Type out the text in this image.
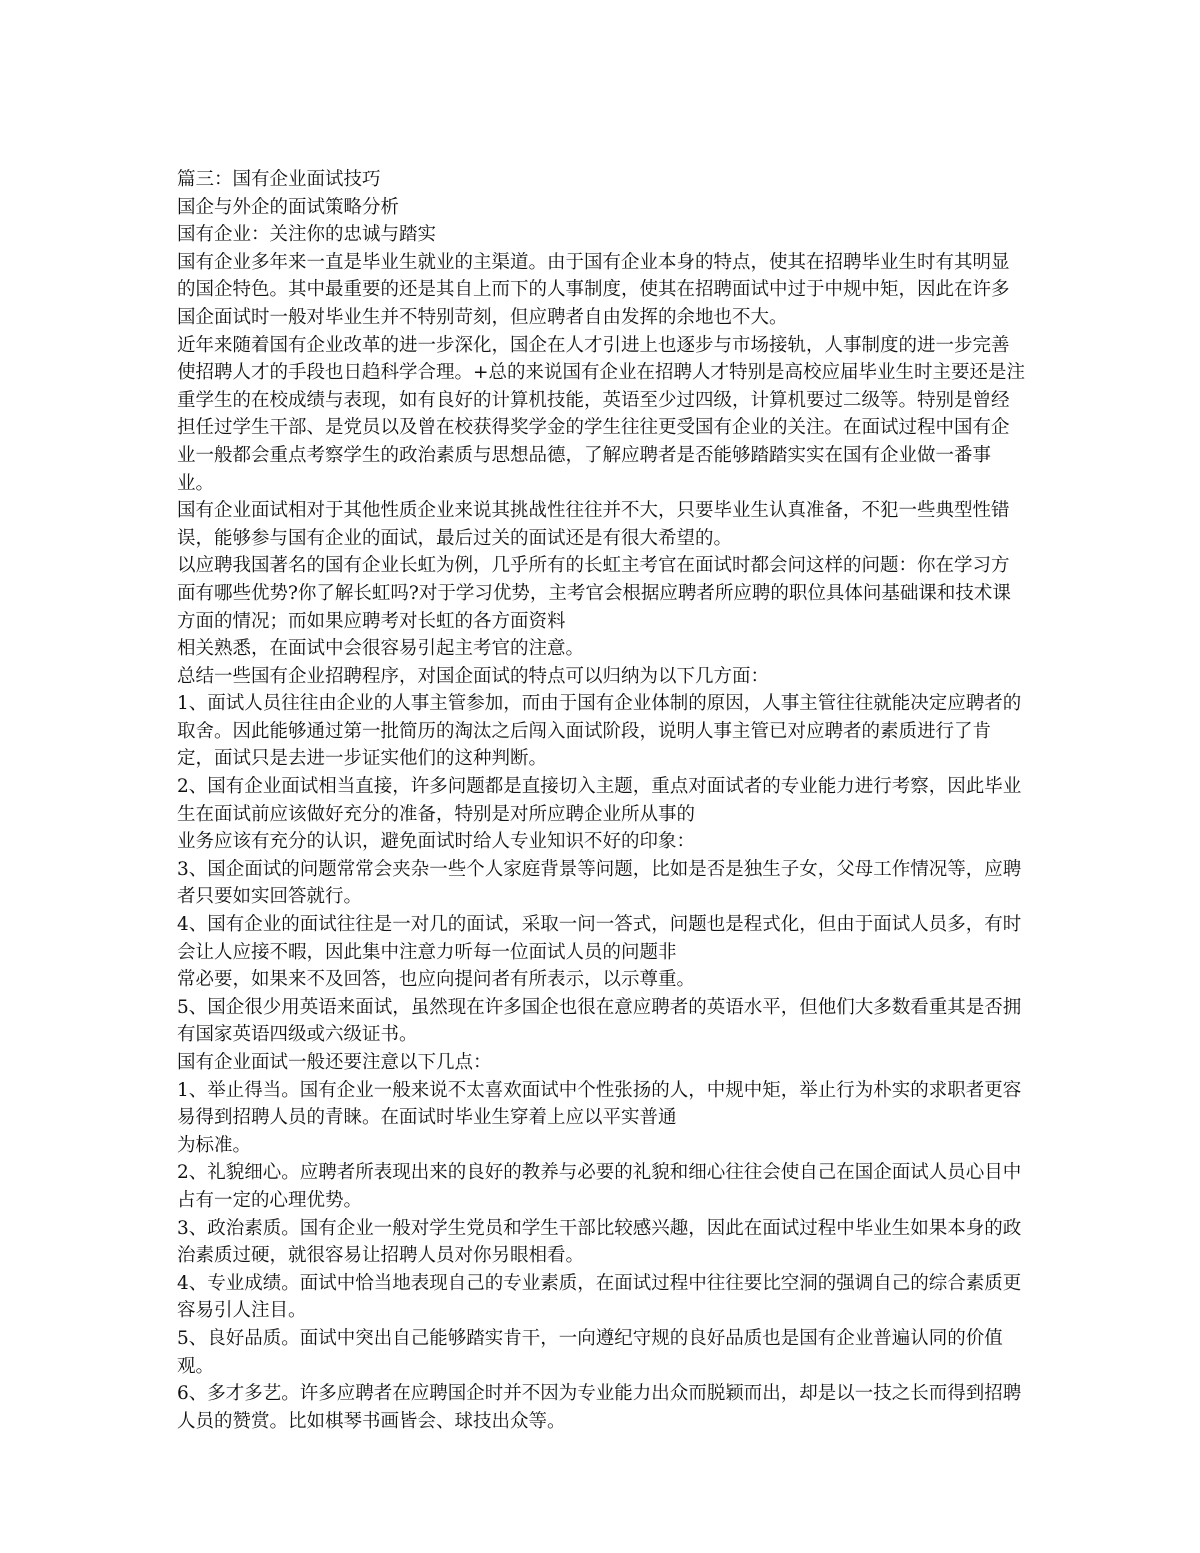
篇三：国有企业面试技巧

国企与外企的面试策略分析

国有企业：关注你的忠诚与踏实

国有企业多年来一直是毕业生就业的主渠道。由于国有企业本身的特点，使其在招聘毕业生时有其明显的国企特色。其中最重要的还是其自上而下的人事制度，使其在招聘面试中过于中规中矩，因此在许多国企面试时一般对毕业生并不特别苛刻，但应聘者自由发挥的余地也不大。

近年来随着国有企业改革的进一步深化，国企在人才引进上也逐步与市场接轨，人事制度的进一步完善使招聘人才的手段也日趋科学合理。+总的来说国有企业在招聘人才特别是高校应届毕业生时主要还是注重学生的在校成绩与表现，如有良好的计算机技能，英语至少过四级，计算机要过二级等。特别是曾经担任过学生干部、是党员以及曾在校获得奖学金的学生往往更受国有企业的关注。在面试过程中国有企业一般都会重点考察学生的政治素质与思想品德，了解应聘者是否能够踏踏实实在国有企业做一番事业。

国有企业面试相对于其他性质企业来说其挑战性往往并不大，只要毕业生认真准备，不犯一些典型性错误，能够参与国有企业的面试，最后过关的面试还是有很大希望的。

以应聘我国著名的国有企业长虹为例，几乎所有的长虹主考官在面试时都会问这样的问题：你在学习方面有哪些优势?你了解长虹吗?对于学习优势，主考官会根据应聘者所应聘的职位具体问基础课和技术课方面的情况；而如果应聘考对长虹的各方面资料

相关熟悉，在面试中会很容易引起主考官的注意。

总结一些国有企业招聘程序，对国企面试的特点可以归纳为以下几方面：

1、面试人员往往由企业的人事主管参加，而由于国有企业体制的原因，人事主管往往就能决定应聘者的取舍。因此能够通过第一批简历的淘汰之后闯入面试阶段，说明人事主管已对应聘者的素质进行了肯定，面试只是去进一步证实他们的这种判断。

2、国有企业面试相当直接，许多问题都是直接切入主题，重点对面试者的专业能力进行考察，因此毕业生在面试前应该做好充分的准备，特别是对所应聘企业所从事的

业务应该有充分的认识，避免面试时给人专业知识不好的印象：

3、国企面试的问题常常会夹杂一些个人家庭背景等问题，比如是否是独生子女，父母工作情况等，应聘者只要如实回答就行。

4、国有企业的面试往往是一对几的面试，采取一问一答式，问题也是程式化，但由于面试人员多，有时会让人应接不暇，因此集中注意力听每一位面试人员的问题非

常必要，如果来不及回答，也应向提问者有所表示，以示尊重。

5、国企很少用英语来面试，虽然现在许多国企也很在意应聘者的英语水平，但他们大多数看重其是否拥有国家英语四级或六级证书。

国有企业面试一般还要注意以下几点：

1、举止得当。国有企业一般来说不太喜欢面试中个性张扬的人，中规中矩，举止行为朴实的求职者更容易得到招聘人员的青睐。在面试时毕业生穿着上应以平实普通

为标准。

2、礼貌细心。应聘者所表现出来的良好的教养与必要的礼貌和细心往往会使自己在国企面试人员心目中占有一定的心理优势。

3、政治素质。国有企业一般对学生党员和学生干部比较感兴趣，因此在面试过程中毕业生如果本身的政治素质过硬，就很容易让招聘人员对你另眼相看。

4、专业成绩。面试中恰当地表现自己的专业素质，在面试过程中往往要比空洞的强调自己的综合素质更容易引人注目。

5、良好品质。面试中突出自己能够踏实肯干，一向遵纪守规的良好品质也是国有企业普遍认同的价值观。

6、多才多艺。许多应聘者在应聘国企时并不因为专业能力出众而脱颖而出，却是以一技之长而得到招聘人员的赞赏。比如棋琴书画皆会、球技出众等。
